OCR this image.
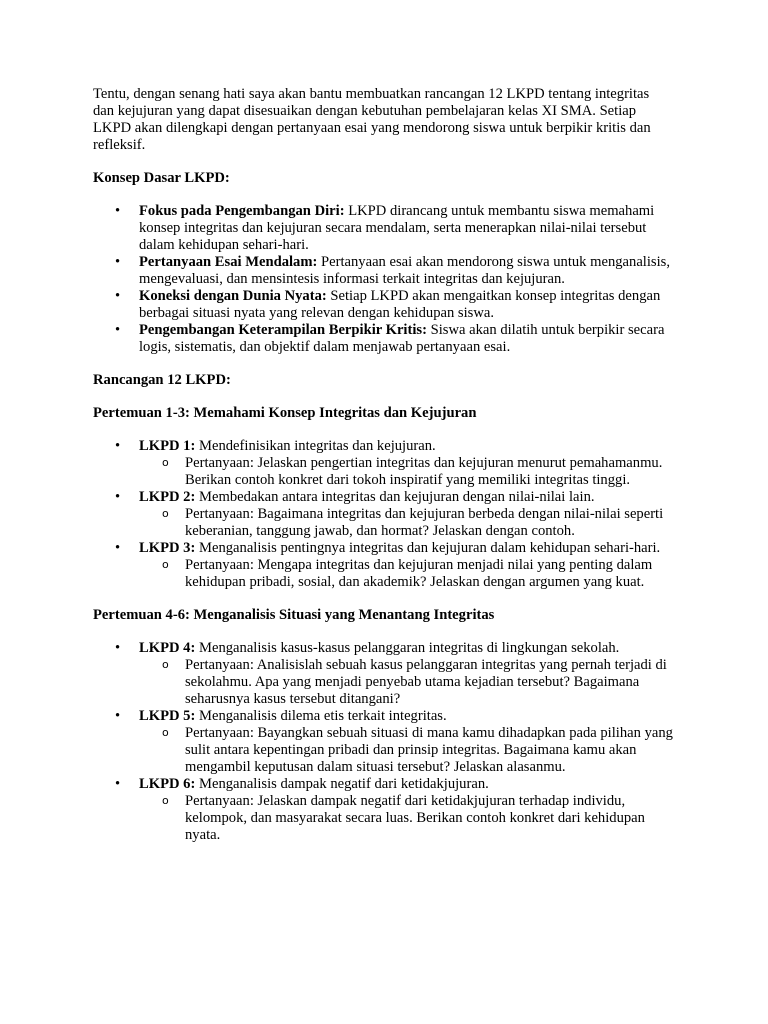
Tentu, dengan senang hati saya akan bantu membuatkan rancangan 12 LKPD tentang integritas dan kejujuran yang dapat disesuaikan dengan kebutuhan pembelajaran kelas XI SMA. Setiap LKPD akan dilengkapi dengan pertanyaan esai yang mendorong siswa untuk berpikir kritis dan refleksif.

Konsep Dasar LKPD:

• Fokus pada Pengembangan Diri: LKPD dirancang untuk membantu siswa memahami konsep integritas dan kejujuran secara mendalam, serta menerapkan nilai-nilai tersebut dalam kehidupan sehari-hari.
• Pertanyaan Esai Mendalam: Pertanyaan esai akan mendorong siswa untuk menganalisis, mengevaluasi, dan mensintesis informasi terkait integritas dan kejujuran.
• Koneksi dengan Dunia Nyata: Setiap LKPD akan mengaitkan konsep integritas dengan berbagai situasi nyata yang relevan dengan kehidupan siswa.
• Pengembangan Keterampilan Berpikir Kritis: Siswa akan dilatih untuk berpikir secara logis, sistematis, dan objektif dalam menjawab pertanyaan esai.

Rancangan 12 LKPD:

Pertemuan 1-3: Memahami Konsep Integritas dan Kejujuran

• LKPD 1: Mendefinisikan integritas dan kejujuran.
o Pertanyaan: Jelaskan pengertian integritas dan kejujuran menurut pemahamanmu. Berikan contoh konkret dari tokoh inspiratif yang memiliki integritas tinggi.
• LKPD 2: Membedakan antara integritas dan kejujuran dengan nilai-nilai lain.
o Pertanyaan: Bagaimana integritas dan kejujuran berbeda dengan nilai-nilai seperti keberanian, tanggung jawab, dan hormat? Jelaskan dengan contoh.
• LKPD 3: Menganalisis pentingnya integritas dan kejujuran dalam kehidupan sehari-hari.
o Pertanyaan: Mengapa integritas dan kejujuran menjadi nilai yang penting dalam kehidupan pribadi, sosial, dan akademik? Jelaskan dengan argumen yang kuat.

Pertemuan 4-6: Menganalisis Situasi yang Menantang Integritas

• LKPD 4: Menganalisis kasus-kasus pelanggaran integritas di lingkungan sekolah.
o Pertanyaan: Analisislah sebuah kasus pelanggaran integritas yang pernah terjadi di sekolahmu. Apa yang menjadi penyebab utama kejadian tersebut? Bagaimana seharusnya kasus tersebut ditangani?
• LKPD 5: Menganalisis dilema etis terkait integritas.
o Pertanyaan: Bayangkan sebuah situasi di mana kamu dihadapkan pada pilihan yang sulit antara kepentingan pribadi dan prinsip integritas. Bagaimana kamu akan mengambil keputusan dalam situasi tersebut? Jelaskan alasanmu.
• LKPD 6: Menganalisis dampak negatif dari ketidakjujuran.
o Pertanyaan: Jelaskan dampak negatif dari ketidakjujuran terhadap individu, kelompok, dan masyarakat secara luas. Berikan contoh konkret dari kehidupan nyata.
